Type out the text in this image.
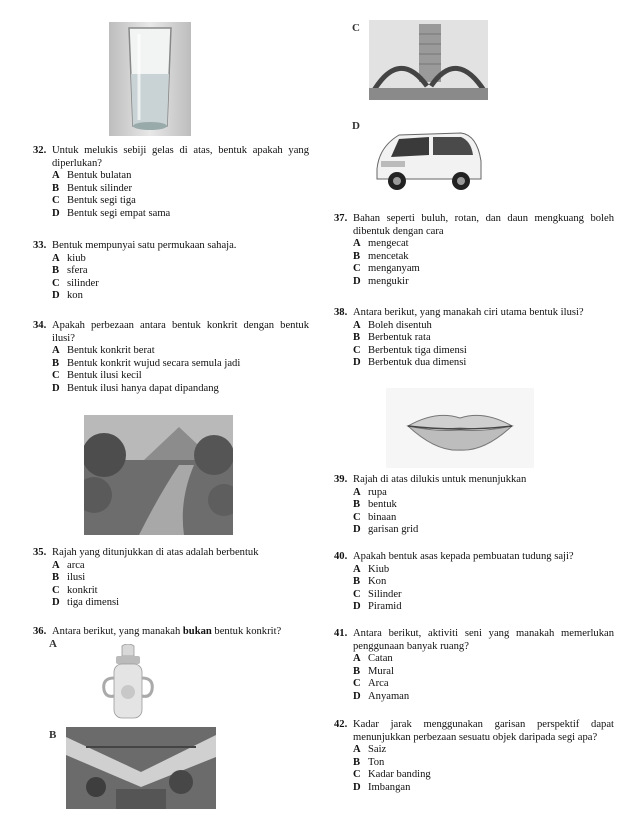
32. Untuk melukis sebiji gelas di atas, bentuk apakah yang diperlukan?
A Bentuk bulatan
B Bentuk silinder
C Bentuk segi tiga
D Bentuk segi empat sama
33. Bentuk mempunyai satu permukaan sahaja.
A kiub
B sfera
C silinder
D kon
34. Apakah perbezaan antara bentuk konkrit dengan bentuk ilusi?
A Bentuk konkrit berat
B Bentuk konkrit wujud secara semula jadi
C Bentuk ilusi kecil
D Bentuk ilusi hanya dapat dipandang
35. Rajah yang ditunjukkan di atas adalah berbentuk
A arca
B ilusi
C konkrit
D tiga dimensi
36. Antara berikut, yang manakah bukan bentuk konkrit?
A
B
C
D
37. Bahan seperti buluh, rotan, dan daun mengkuang boleh dibentuk dengan cara
A mengecat
B mencetak
C menganyam
D mengukir
38. Antara berikut, yang manakah ciri utama bentuk ilusi?
A Boleh disentuh
B Berbentuk rata
C Berbentuk tiga dimensi
D Berbentuk dua dimensi
39. Rajah di atas dilukis untuk menunjukkan
A rupa
B bentuk
C binaan
D garisan grid
40. Apakah bentuk asas kepada pembuatan tudung saji?
A Kiub
B Kon
C Silinder
D Piramid
41. Antara berikut, aktiviti seni yang manakah memerlukan penggunaan banyak ruang?
A Catan
B Mural
C Arca
D Anyaman
42. Kadar jarak menggunakan garisan perspektif dapat menunjukkan perbezaan sesuatu objek daripada segi apa?
A Saiz
B Ton
C Kadar banding
D Imbangan
